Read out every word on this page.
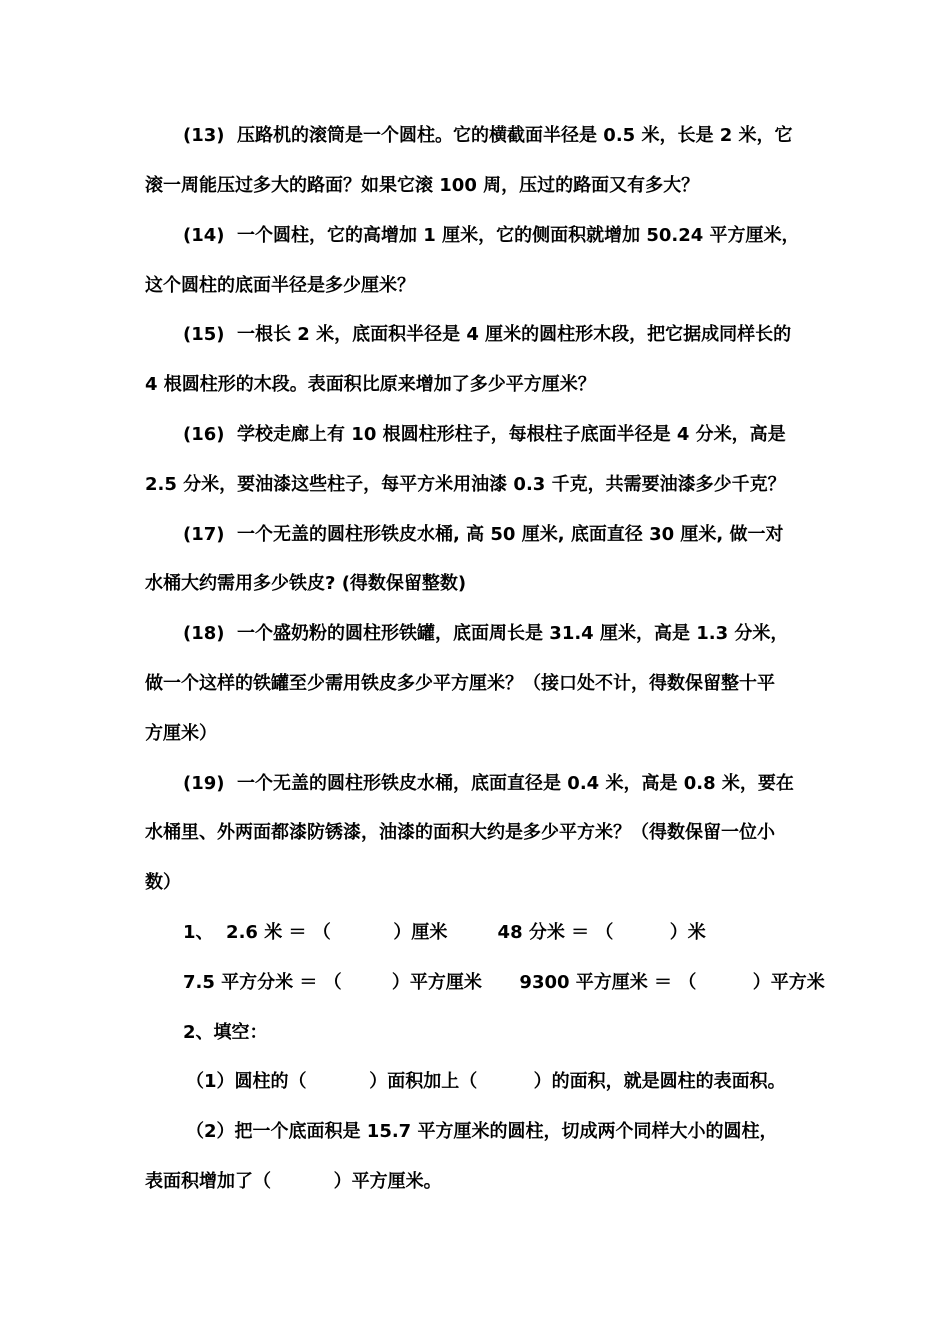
(13)  压路机的滚筒是一个圆柱。它的横截面半径是 0.5 米，长是 2 米，它
滚一周能压过多大的路面？如果它滚 100 周，压过的路面又有多大？
(14)  一个圆柱，它的高增加 1 厘米，它的侧面积就增加 50.24 平方厘米，
这个圆柱的底面半径是多少厘米？
(15)  一根长 2 米，底面积半径是 4 厘米的圆柱形木段，把它据成同样长的
4 根圆柱形的木段。表面积比原来增加了多少平方厘米？
(16)  学校走廊上有 10 根圆柱形柱子，每根柱子底面半径是 4 分米，高是
2.5 分米，要油漆这些柱子，每平方米用油漆 0.3 千克，共需要油漆多少千克？
(17)  一个无盖的圆柱形铁皮水桶, 高 50 厘米, 底面直径 30 厘米, 做一对
水桶大约需用多少铁皮? (得数保留整数)
(18)  一个盛奶粉的圆柱形铁罐，底面周长是 31.4 厘米，高是 1.3 分米，
做一个这样的铁罐至少需用铁皮多少平方厘米？（接口处不计，得数保留整十平
方厘米）
(19)  一个无盖的圆柱形铁皮水桶，底面直径是 0.4 米，高是 0.8 米，要在
水桶里、外两面都漆防锈漆，油漆的面积大约是多少平方米？（得数保留一位小
数）
1、  2.6 米 ＝ （          ）厘米        48 分米 ＝ （         ）米
7.5 平方分米 ＝ （        ）平方厘米      9300 平方厘米 ＝ （         ）平方米
2、填空：
（1）圆柱的（          ）面积加上（         ）的面积，就是圆柱的表面积。
（2）把一个底面积是 15.7 平方厘米的圆柱，切成两个同样大小的圆柱，
表面积增加了（          ）平方厘米。
